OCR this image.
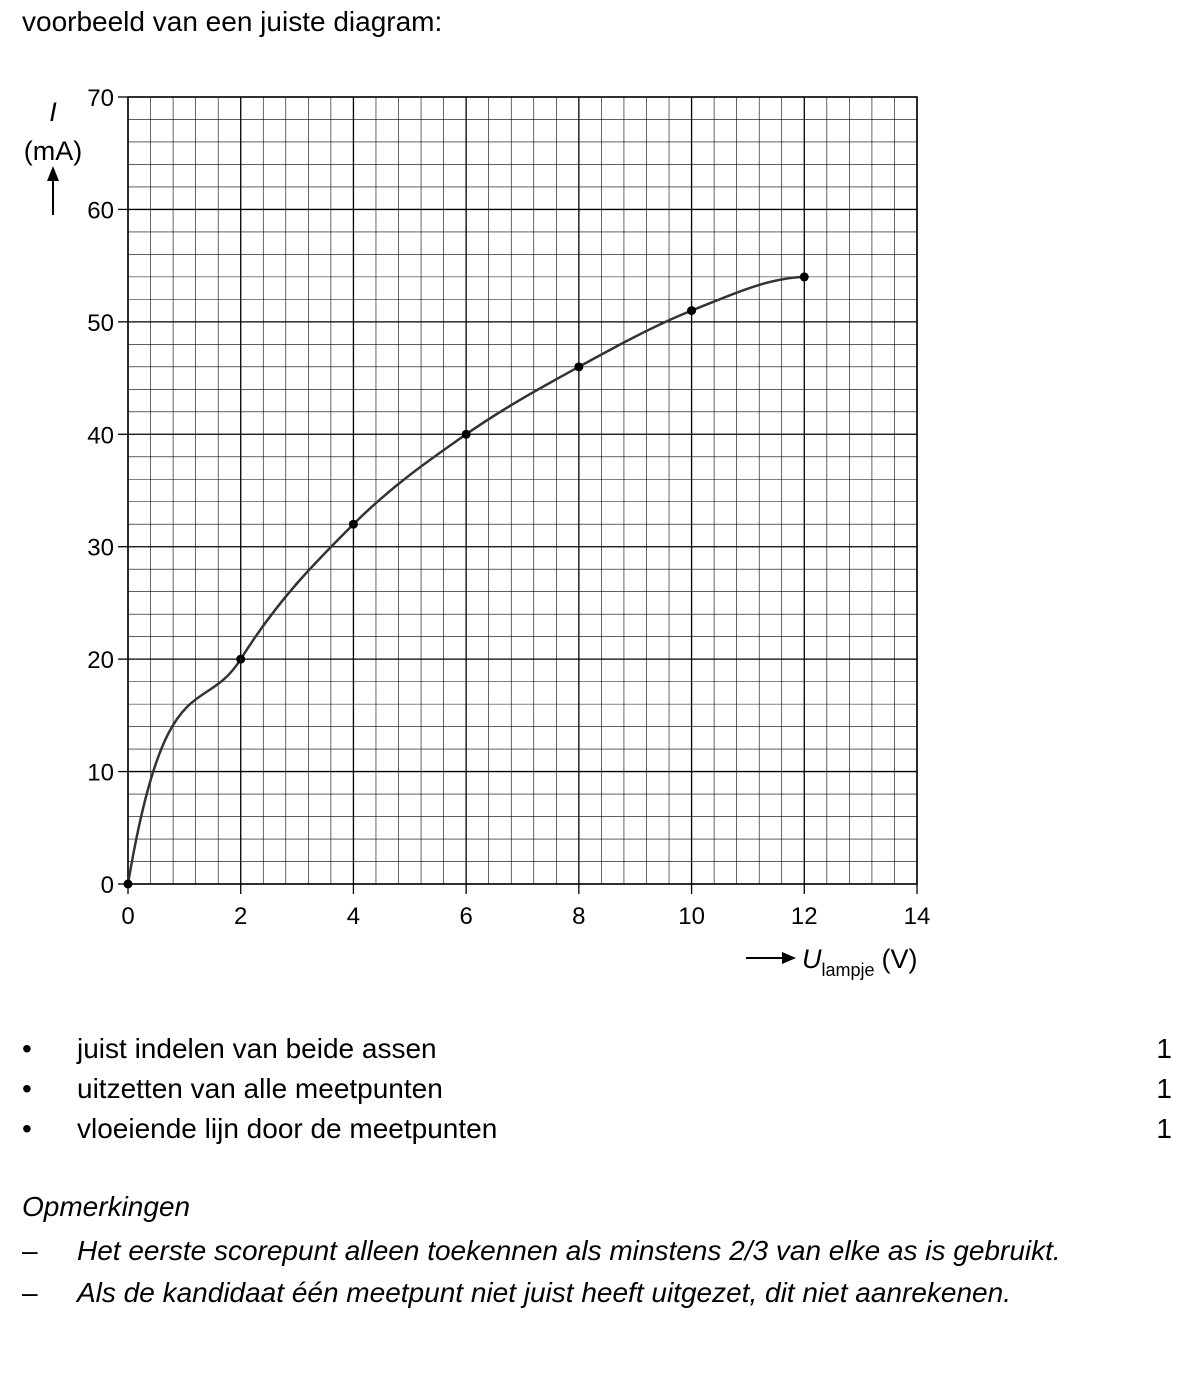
voorbeeld van een juiste diagram:

0
10
20
30
40
50
60
70
0	2	4	6	8	10	12	14
I
(mA)
$U_{lampje}$ (V)
• juist indelen van beide assen	1
• uitzetten van alle meetpunten	1
• vloeiende lijn door de meetpunten	1

Opmerkingen

– Het eerste scorepunt alleen toekennen als minstens 2/3 van elke as is gebruikt.
– Als de kandidaat één meetpunt niet juist heeft uitgezet, dit niet aanrekenen.
